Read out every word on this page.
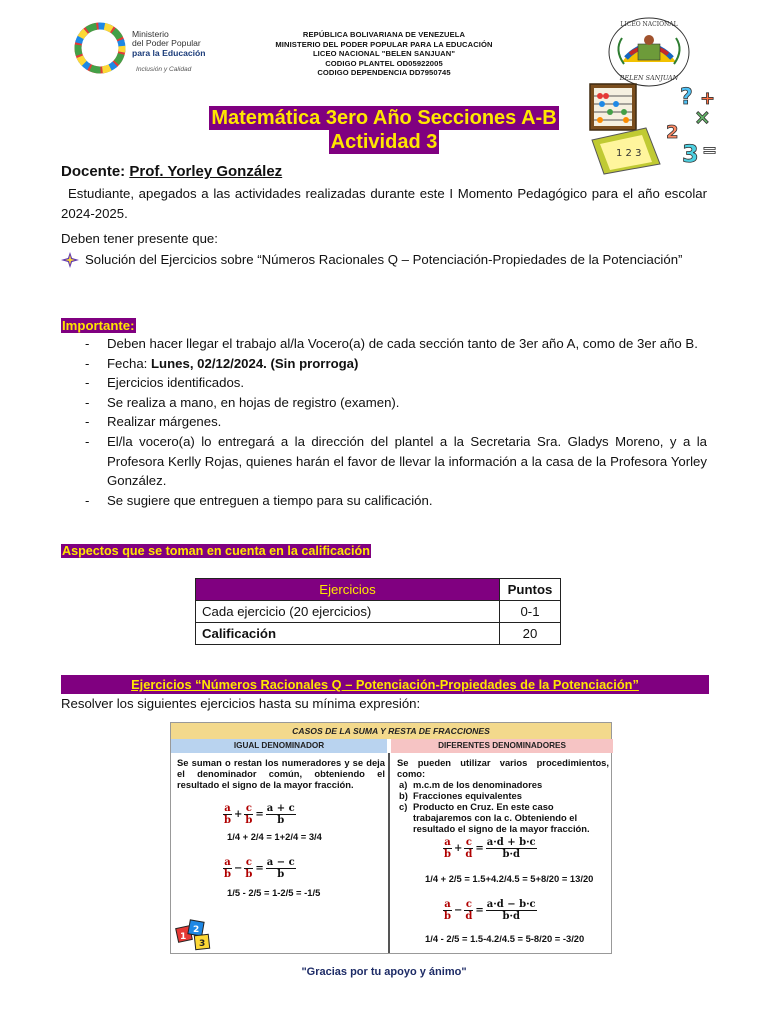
Ministerio
del Poder Popular
para la Educación
Inclusión y Calidad
REPÚBLICA BOLIVARIANA DE VENEZUELA
MINISTERIO DEL PODER POPULAR PARA LA EDUCACIÓN
LICEO NACIONAL "BELEN SANJUAN"
CODIGO PLANTEL OD05922005
CODIGO DEPENDENCIA DD7950745
LICEO NACIONAL
BELEN SANJUAN
1 2 3
?
×
2
3 =
+
Matemática 3ero Año Secciones A-B
Actividad 3
Docente: Prof. Yorley González
Estudiante, apegados a las actividades realizadas durante este I Momento Pedagógico para el año escolar 2024-2025.
Deben tener presente que:
Solución del Ejercicios sobre “Números Racionales Q – Potenciación-Propiedades de la Potenciación”
Importante:
- Deben hacer llegar el trabajo al/la Vocero(a) de cada sección tanto de 3er año A, como de 3er año B.
- Fecha: Lunes, 02/12/2024. (Sin prorroga)
- Ejercicios identificados.
- Se realiza a mano, en hojas de registro (examen).
- Realizar márgenes.
- El/la vocero(a) lo entregará a la dirección del plantel a la Secretaria Sra. Gladys Moreno, y a la Profesora Kerlly Rojas, quienes harán el favor de llevar la información a la casa de la Profesora Yorley González.
- Se sugiere que entreguen a tiempo para su calificación.
Aspectos que se toman en cuenta en la calificación
Ejercicios	Puntos
Cada ejercicio (20 ejercicios)	0-1
Calificación	20
Ejercicios “Números Racionales Q – Potenciación-Propiedades de la Potenciación”
Resolver los siguientes ejercicios hasta su mínima expresión:
CASOS DE LA SUMA Y RESTA DE FRACCIONES
IGUAL DENOMINADOR	DIFERENTES DENOMINADORES
Se suman o restan los numeradores y se deja el denominador común, obteniendo el resultado el signo de la mayor fracción.
Se pueden utilizar varios procedimientos, como:
a) m.c.m de los denominadores
b) Fracciones equivalentes
c) Producto en Cruz. En este caso trabajaremos con la c. Obteniendo el resultado el signo de la mayor fracción.
$\frac{a}{b} + \frac{c}{b} = \frac{a + c}{b}$
1/4 + 2/4 = 1+2/4 = 3/4
$\frac{a}{b} - \frac{c}{b} = \frac{a - c}{b}$
1/5 - 2/5 = 1-2/5 = -1/5
$\frac{a}{b} + \frac{c}{d} = \frac{a\cdot d + b\cdot c}{b\cdot d}$
1/4 + 2/5 = 1.5+4.2/4.5 = 5+8/20 = 13/20
$\frac{a}{b} - \frac{c}{d} = \frac{a\cdot d - b\cdot c}{b\cdot d}$
1/4 - 2/5 = 1.5-4.2/4.5 = 5-8/20 = -3/20
1
2
3
"Gracias por tu apoyo y ánimo"
